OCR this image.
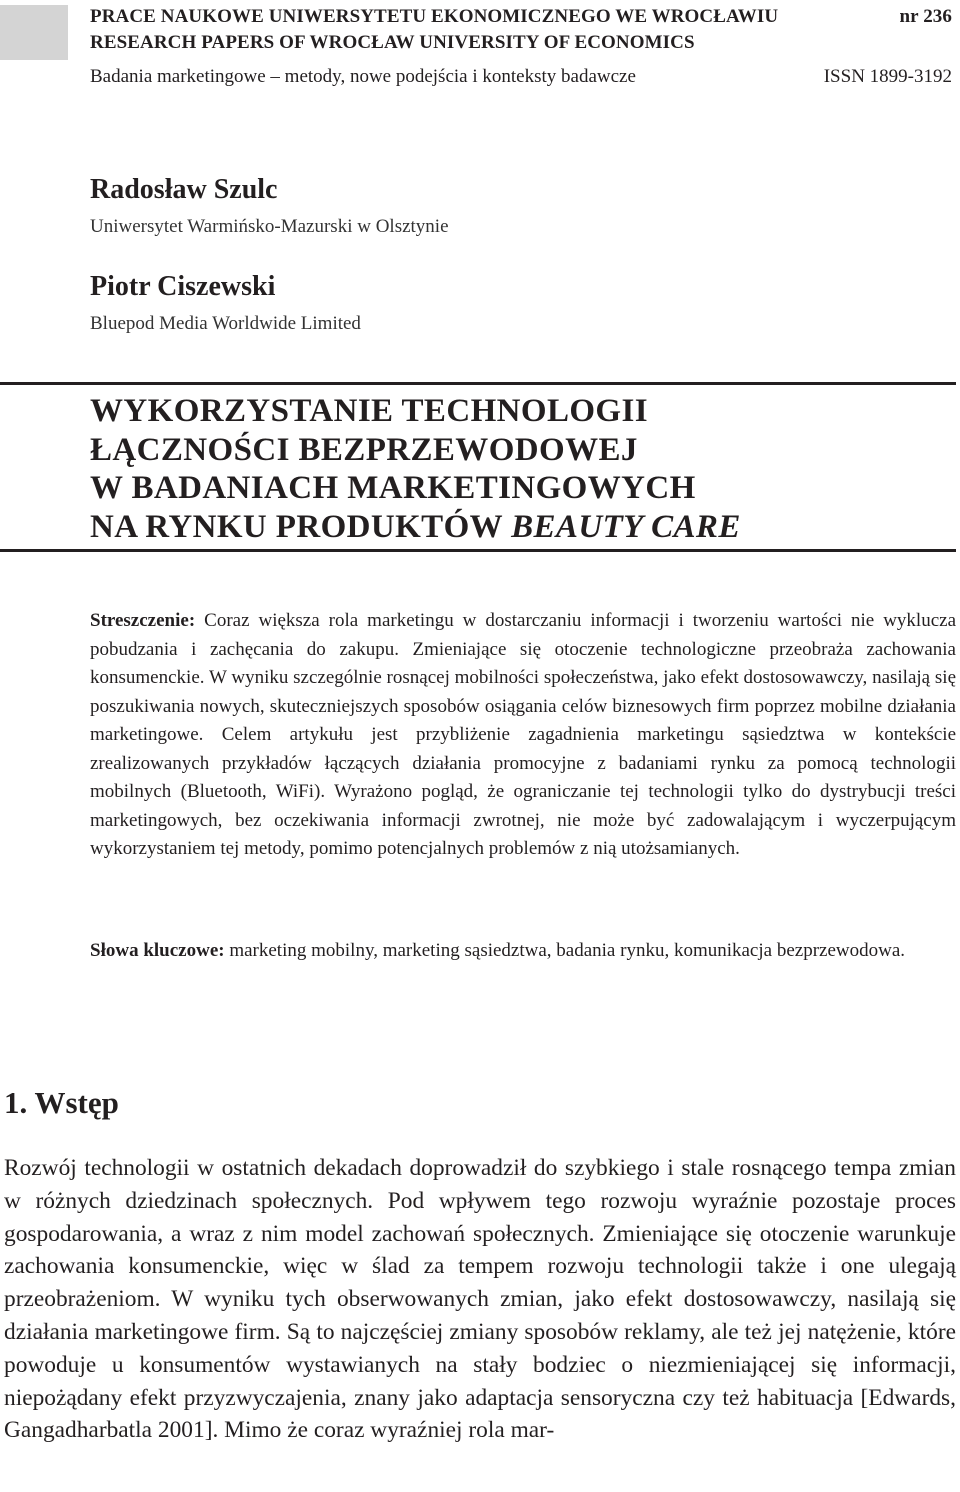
PRACE NAUKOWE UNIWERSYTETU EKONOMICZNEGO WE WROCŁAWIU	nr 236
RESEARCH PAPERS OF WROCŁAW UNIVERSITY OF ECONOMICS
Badania marketingowe – metody, nowe podejścia i konteksty badawcze	ISSN 1899-3192
Radosław Szulc
Uniwersytet Warmińsko-Mazurski w Olsztynie
Piotr Ciszewski
Bluepod Media Worldwide Limited
WYKORZYSTANIE TECHNOLOGII
ŁĄCZNOŚCI BEZPRZEWODOWEJ
W BADANIACH MARKETINGOWYCH
NA RYNKU PRODUKTÓW BEAUTY CARE

Streszczenie: Coraz większa rola marketingu w dostarczaniu informacji i tworzeniu wartości nie wyklucza pobudzania i zachęcania do zakupu. Zmieniające się otoczenie technologiczne przeobraża zachowania konsumenckie. W wyniku szczególnie rosnącej mobilności społeczeństwa, jako efekt dostosowawczy, nasilają się poszukiwania nowych, skuteczniejszych sposobów osiągania celów biznesowych firm poprzez mobilne działania marketingowe. Celem artykułu jest przybliżenie zagadnienia marketingu sąsiedztwa w kontekście zrealizowanych przykładów łączących działania promocyjne z badaniami rynku za pomocą technologii mobilnych (Bluetooth, WiFi). Wyrażono pogląd, że ograniczanie tej technologii tylko do dystrybucji treści marketingowych, bez oczekiwania informacji zwrotnej, nie może być zadowalającym i wyczerpującym wykorzystaniem tej metody, pomimo potencjalnych problemów z nią utożsamianych.

Słowa kluczowe: marketing mobilny, marketing sąsiedztwa, badania rynku, komunikacja bezprzewodowa.

1. Wstęp

Rozwój technologii w ostatnich dekadach doprowadził do szybkiego i stale rosnącego tempa zmian w różnych dziedzinach społecznych. Pod wpływem tego rozwoju wyraźnie pozostaje proces gospodarowania, a wraz z nim model zachowań społecznych. Zmieniające się otoczenie warunkuje zachowania konsumenckie, więc w ślad za tempem rozwoju technologii także i one ulegają przeobrażeniom. W wyniku tych obserwowanych zmian, jako efekt dostosowawczy, nasilają się działania marketingowe firm. Są to najczęściej zmiany sposobów reklamy, ale też jej natężenie, które powoduje u konsumentów wystawianych na stały bodziec o niezmieniającej się informacji, niepożądany efekt przyzwyczajenia, znany jako adaptacja sensoryczna czy też habituacja [Edwards, Gangadharbatla 2001]. Mimo że coraz wyraźniej rola mar-
